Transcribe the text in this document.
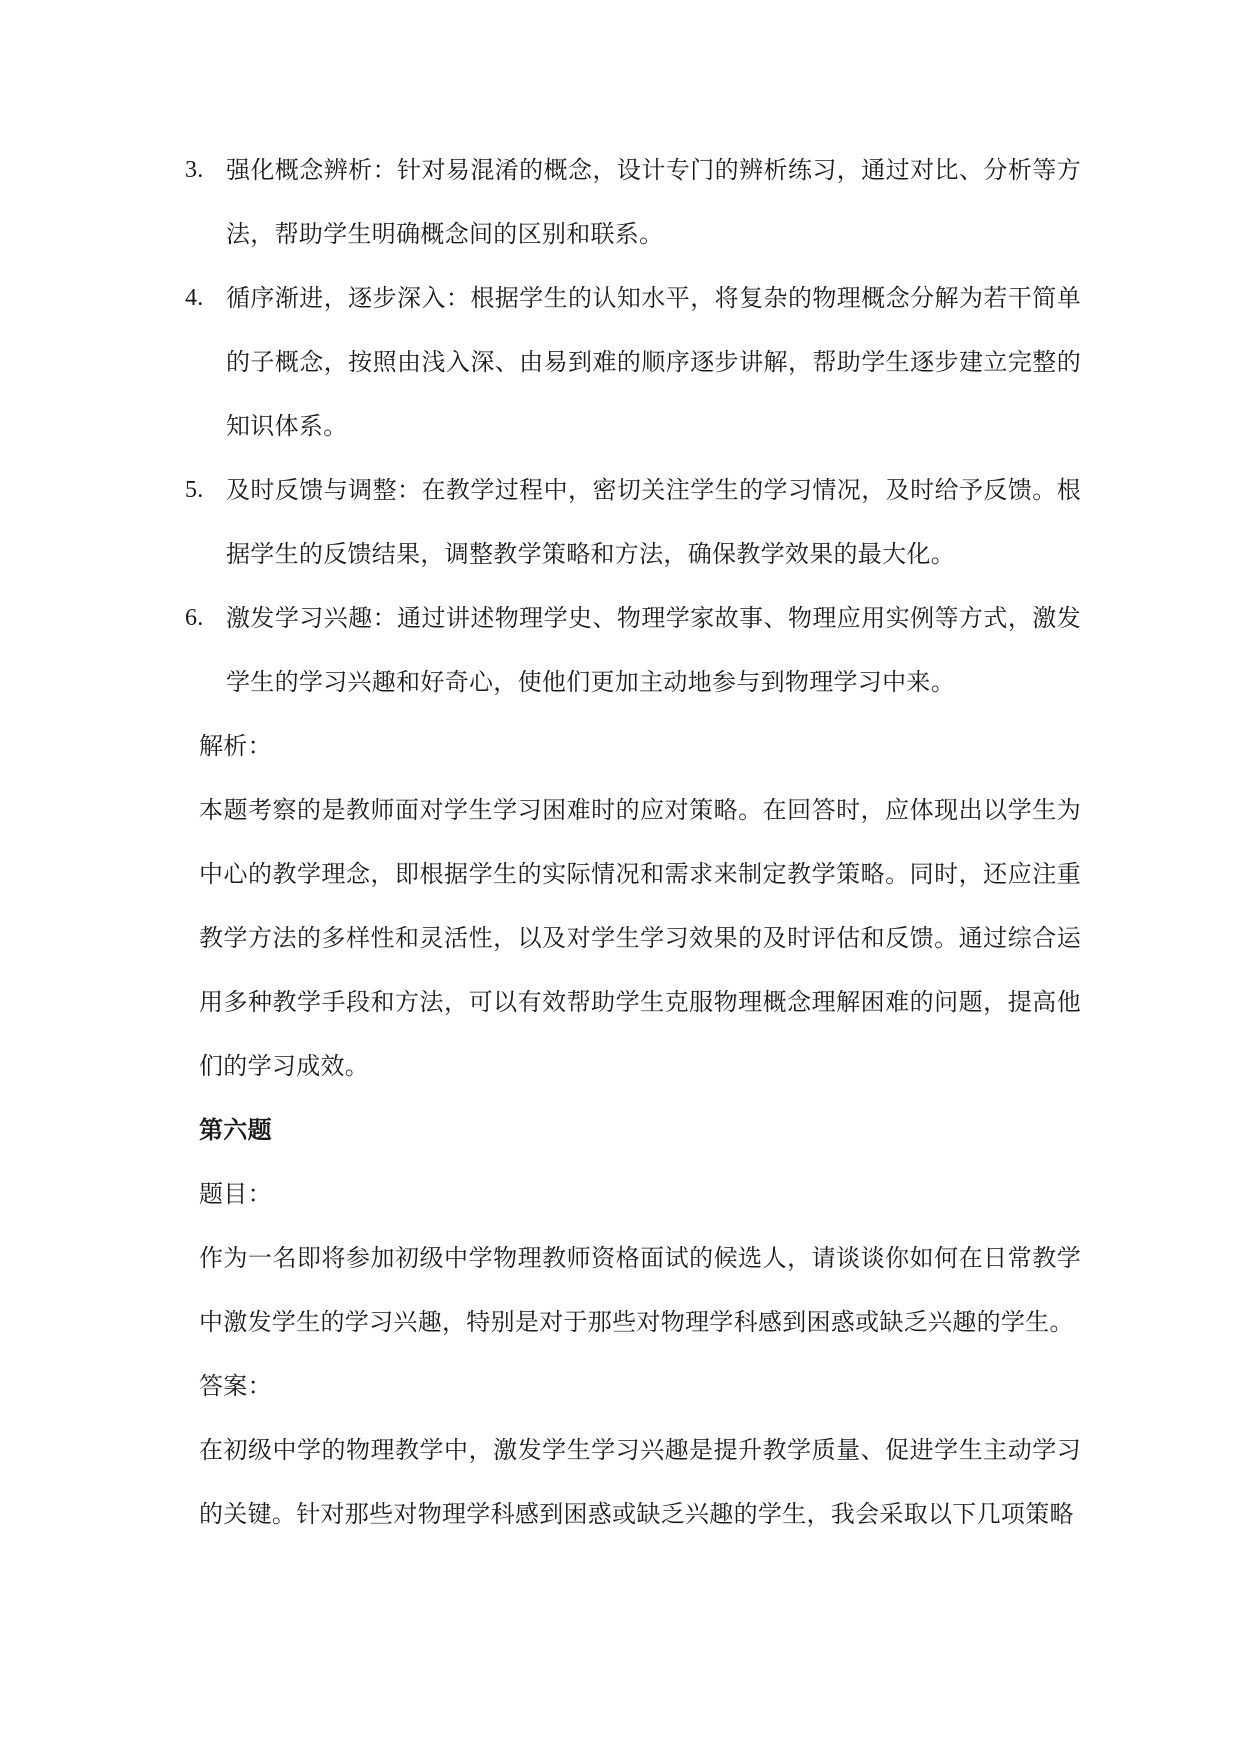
3. 强化概念辨析：针对易混淆的概念，设计专门的辨析练习，通过对比、分析等方法，帮助学生明确概念间的区别和联系。
4. 循序渐进，逐步深入：根据学生的认知水平，将复杂的物理概念分解为若干简单的子概念，按照由浅入深、由易到难的顺序逐步讲解，帮助学生逐步建立完整的知识体系。
5. 及时反馈与调整：在教学过程中，密切关注学生的学习情况，及时给予反馈。根据学生的反馈结果，调整教学策略和方法，确保教学效果的最大化。
6. 激发学习兴趣：通过讲述物理学史、物理学家故事、物理应用实例等方式，激发学生的学习兴趣和好奇心，使他们更加主动地参与到物理学习中来。

解析：

本题考察的是教师面对学生学习困难时的应对策略。在回答时，应体现出以学生为中心的教学理念，即根据学生的实际情况和需求来制定教学策略。同时，还应注重教学方法的多样性和灵活性，以及对学生学习效果的及时评估和反馈。通过综合运用多种教学手段和方法，可以有效帮助学生克服物理概念理解困难的问题，提高他们的学习成效。

第六题

题目：

作为一名即将参加初级中学物理教师资格面试的候选人，请谈谈你如何在日常教学中激发学生的学习兴趣，特别是对于那些对物理学科感到困惑或缺乏兴趣的学生。

答案：

在初级中学的物理教学中，激发学生学习兴趣是提升教学质量、促进学生主动学习的关键。针对那些对物理学科感到困惑或缺乏兴趣的学生，我会采取以下几项策略
